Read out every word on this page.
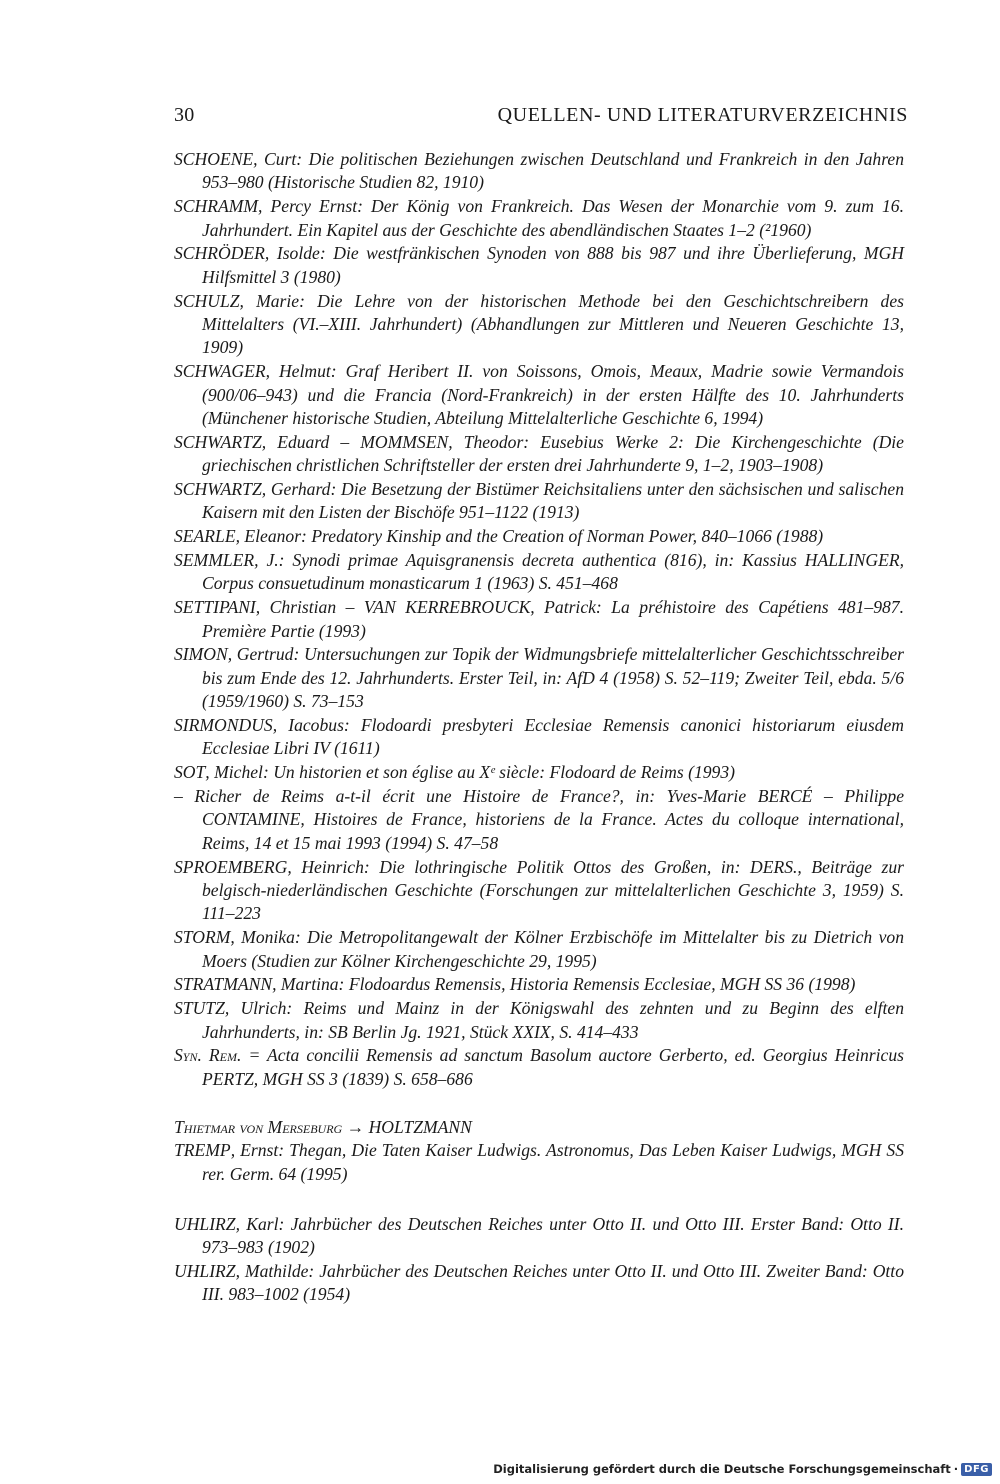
30	QUELLEN- UND LITERATURVERZEICHNIS

SCHOENE, Curt: Die politischen Beziehungen zwischen Deutschland und Frankreich in den Jahren 953–980 (Historische Studien 82, 1910)

SCHRAMM, Percy Ernst: Der König von Frankreich. Das Wesen der Monarchie vom 9. zum 16. Jahrhundert. Ein Kapitel aus der Geschichte des abendländischen Staates 1–2 (²1960)

SCHRÖDER, Isolde: Die westfränkischen Synoden von 888 bis 987 und ihre Überlieferung, MGH Hilfsmittel 3 (1980)

SCHULZ, Marie: Die Lehre von der historischen Methode bei den Geschichtschreibern des Mittelalters (VI.–XIII. Jahrhundert) (Abhandlungen zur Mittleren und Neueren Geschichte 13, 1909)

SCHWAGER, Helmut: Graf Heribert II. von Soissons, Omois, Meaux, Madrie sowie Vermandois (900/06–943) und die Francia (Nord-Frankreich) in der ersten Hälfte des 10. Jahrhunderts (Münchener historische Studien, Abteilung Mittelalterliche Geschichte 6, 1994)

SCHWARTZ, Eduard – MOMMSEN, Theodor: Eusebius Werke 2: Die Kirchengeschichte (Die griechischen christlichen Schriftsteller der ersten drei Jahrhunderte 9, 1–2, 1903–1908)

SCHWARTZ, Gerhard: Die Besetzung der Bistümer Reichsitaliens unter den sächsischen und salischen Kaisern mit den Listen der Bischöfe 951–1122 (1913)

SEARLE, Eleanor: Predatory Kinship and the Creation of Norman Power, 840–1066 (1988)

SEMMLER, J.: Synodi primae Aquisgranensis decreta authentica (816), in: Kassius HALLINGER, Corpus consuetudinum monasticarum 1 (1963) S. 451–468

SETTIPANI, Christian – VAN KERREBROUCK, Patrick: La préhistoire des Capétiens 481–987. Première Partie (1993)

SIMON, Gertrud: Untersuchungen zur Topik der Widmungsbriefe mittelalterlicher Geschichtsschreiber bis zum Ende des 12. Jahrhunderts. Erster Teil, in: AfD 4 (1958) S. 52–119; Zweiter Teil, ebda. 5/6 (1959/1960) S. 73–153

SIRMONDUS, Iacobus: Flodoardi presbyteri Ecclesiae Remensis canonici historiarum eiusdem Ecclesiae Libri IV (1611)

SOT, Michel: Un historien et son église au Xᵉ siècle: Flodoard de Reims (1993)

– Richer de Reims a-t-il écrit une Histoire de France?, in: Yves-Marie BERCÉ – Philippe CONTAMINE, Histoires de France, historiens de la France. Actes du colloque international, Reims, 14 et 15 mai 1993 (1994) S. 47–58

SPROEMBERG, Heinrich: Die lothringische Politik Ottos des Großen, in: DERS., Beiträge zur belgisch-niederländischen Geschichte (Forschungen zur mittelalterlichen Geschichte 3, 1959) S. 111–223

STORM, Monika: Die Metropolitangewalt der Kölner Erzbischöfe im Mittelalter bis zu Dietrich von Moers (Studien zur Kölner Kirchengeschichte 29, 1995)

STRATMANN, Martina: Flodoardus Remensis, Historia Remensis Ecclesiae, MGH SS 36 (1998)

STUTZ, Ulrich: Reims und Mainz in der Königswahl des zehnten und zu Beginn des elften Jahrhunderts, in: SB Berlin Jg. 1921, Stück XXIX, S. 414–433

Syn. Rem. = Acta concilii Remensis ad sanctum Basolum auctore Gerberto, ed. Georgius Heinricus PERTZ, MGH SS 3 (1839) S. 658–686

Thietmar von Merseburg → HOLTZMANN

TREMP, Ernst: Thegan, Die Taten Kaiser Ludwigs. Astronomus, Das Leben Kaiser Ludwigs, MGH SS rer. Germ. 64 (1995)

UHLIRZ, Karl: Jahrbücher des Deutschen Reiches unter Otto II. und Otto III. Erster Band: Otto II. 973–983 (1902)

UHLIRZ, Mathilde: Jahrbücher des Deutschen Reiches unter Otto II. und Otto III. Zweiter Band: Otto III. 983–1002 (1954)

Digitalisierung gefördert durch die Deutsche Forschungsgemeinschaft · DFG
